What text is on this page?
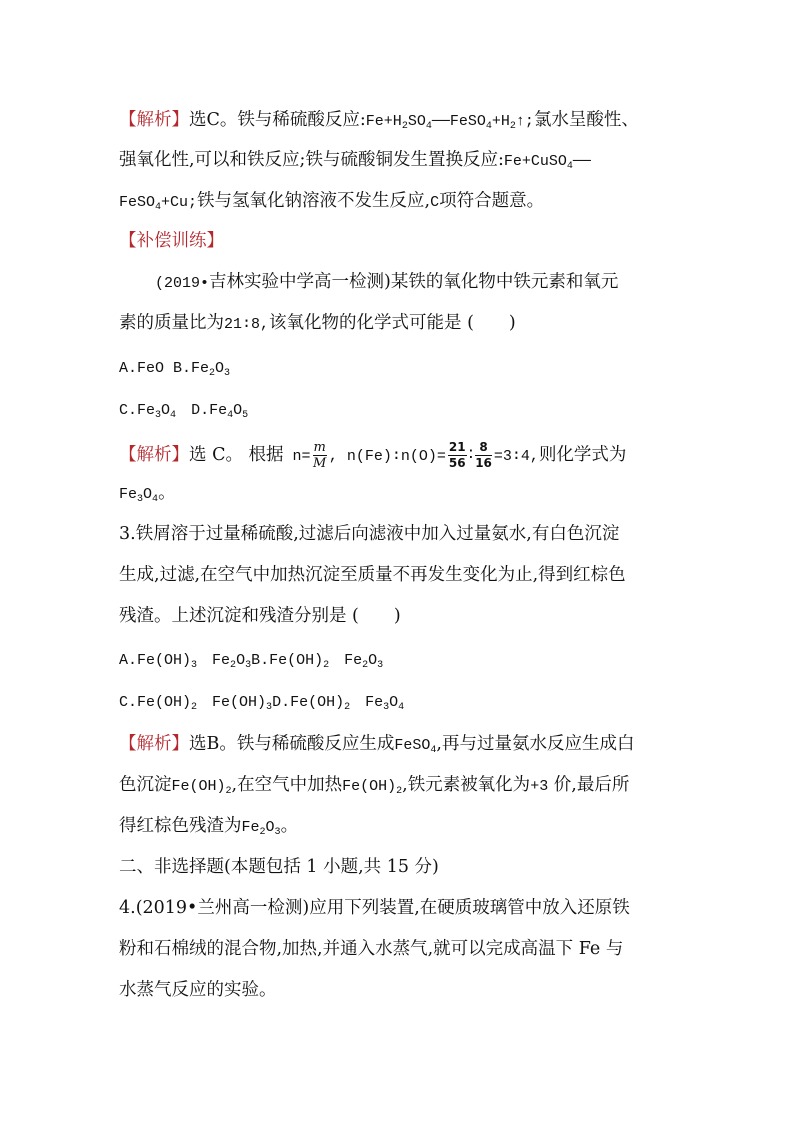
【解析】选C。铁与稀硫酸反应$:Fe+H_2SO_4──FeSO_4+H_2↑$;氯水呈酸性、
强氧化性,可以和铁反应;铁与硫酸铜发生置换反应:Fe+CuSO$_4$──
FeSO$_4$+Cu;铁与氢氧化钠溶液不发生反应,C项符合题意。
【补偿训练】
(2019•吉林实验中学高一检测)某铁的氧化物中铁元素和氧元
素的质量比为21∶8,该氧化物的化学式可能是 (　　)
A.FeO $B.Fe_2O_3$
$C.Fe_3O_4$　$D.Fe_4O_5$
【解析】选 C。 根据 $n= \frac{m}{M}$ , n(Fe)∶n(O)= $\frac{21}{56}$ ∶ $\frac{8}{16}$ =3∶4,则化学式为
$Fe_3O_4$。
3.铁屑溶于过量稀硫酸,过滤后向滤液中加入过量氨水,有白色沉淀
生成,过滤,在空气中加热沉淀至质量不再发生变化为止,得到红棕色
残渣。上述沉淀和残渣分别是 (　　)
$A.Fe(OH)_3$　$Fe_2O_3B.Fe(OH)_2$　$Fe_2O_3$
$C.Fe(OH)_2$　$Fe(OH)_3D.Fe(OH)_2$　$Fe_3O_4$
【解析】选B。铁与稀硫酸反应生成FeSO$_4$,再与过量氨水反应生成白
色沉淀$Fe(OH)_2$,在空气中加热$Fe(OH)_2$,铁元素被氧化为+3 价,最后所
得红棕色残渣为$Fe_2O_3$。
二、非选择题(本题包括 1 小题,共 15 分)
4.(2019•兰州高一检测)应用下列装置,在硬质玻璃管中放入还原铁
粉和石棉绒的混合物,加热,并通入水蒸气,就可以完成高温下 Fe 与
水蒸气反应的实验。
